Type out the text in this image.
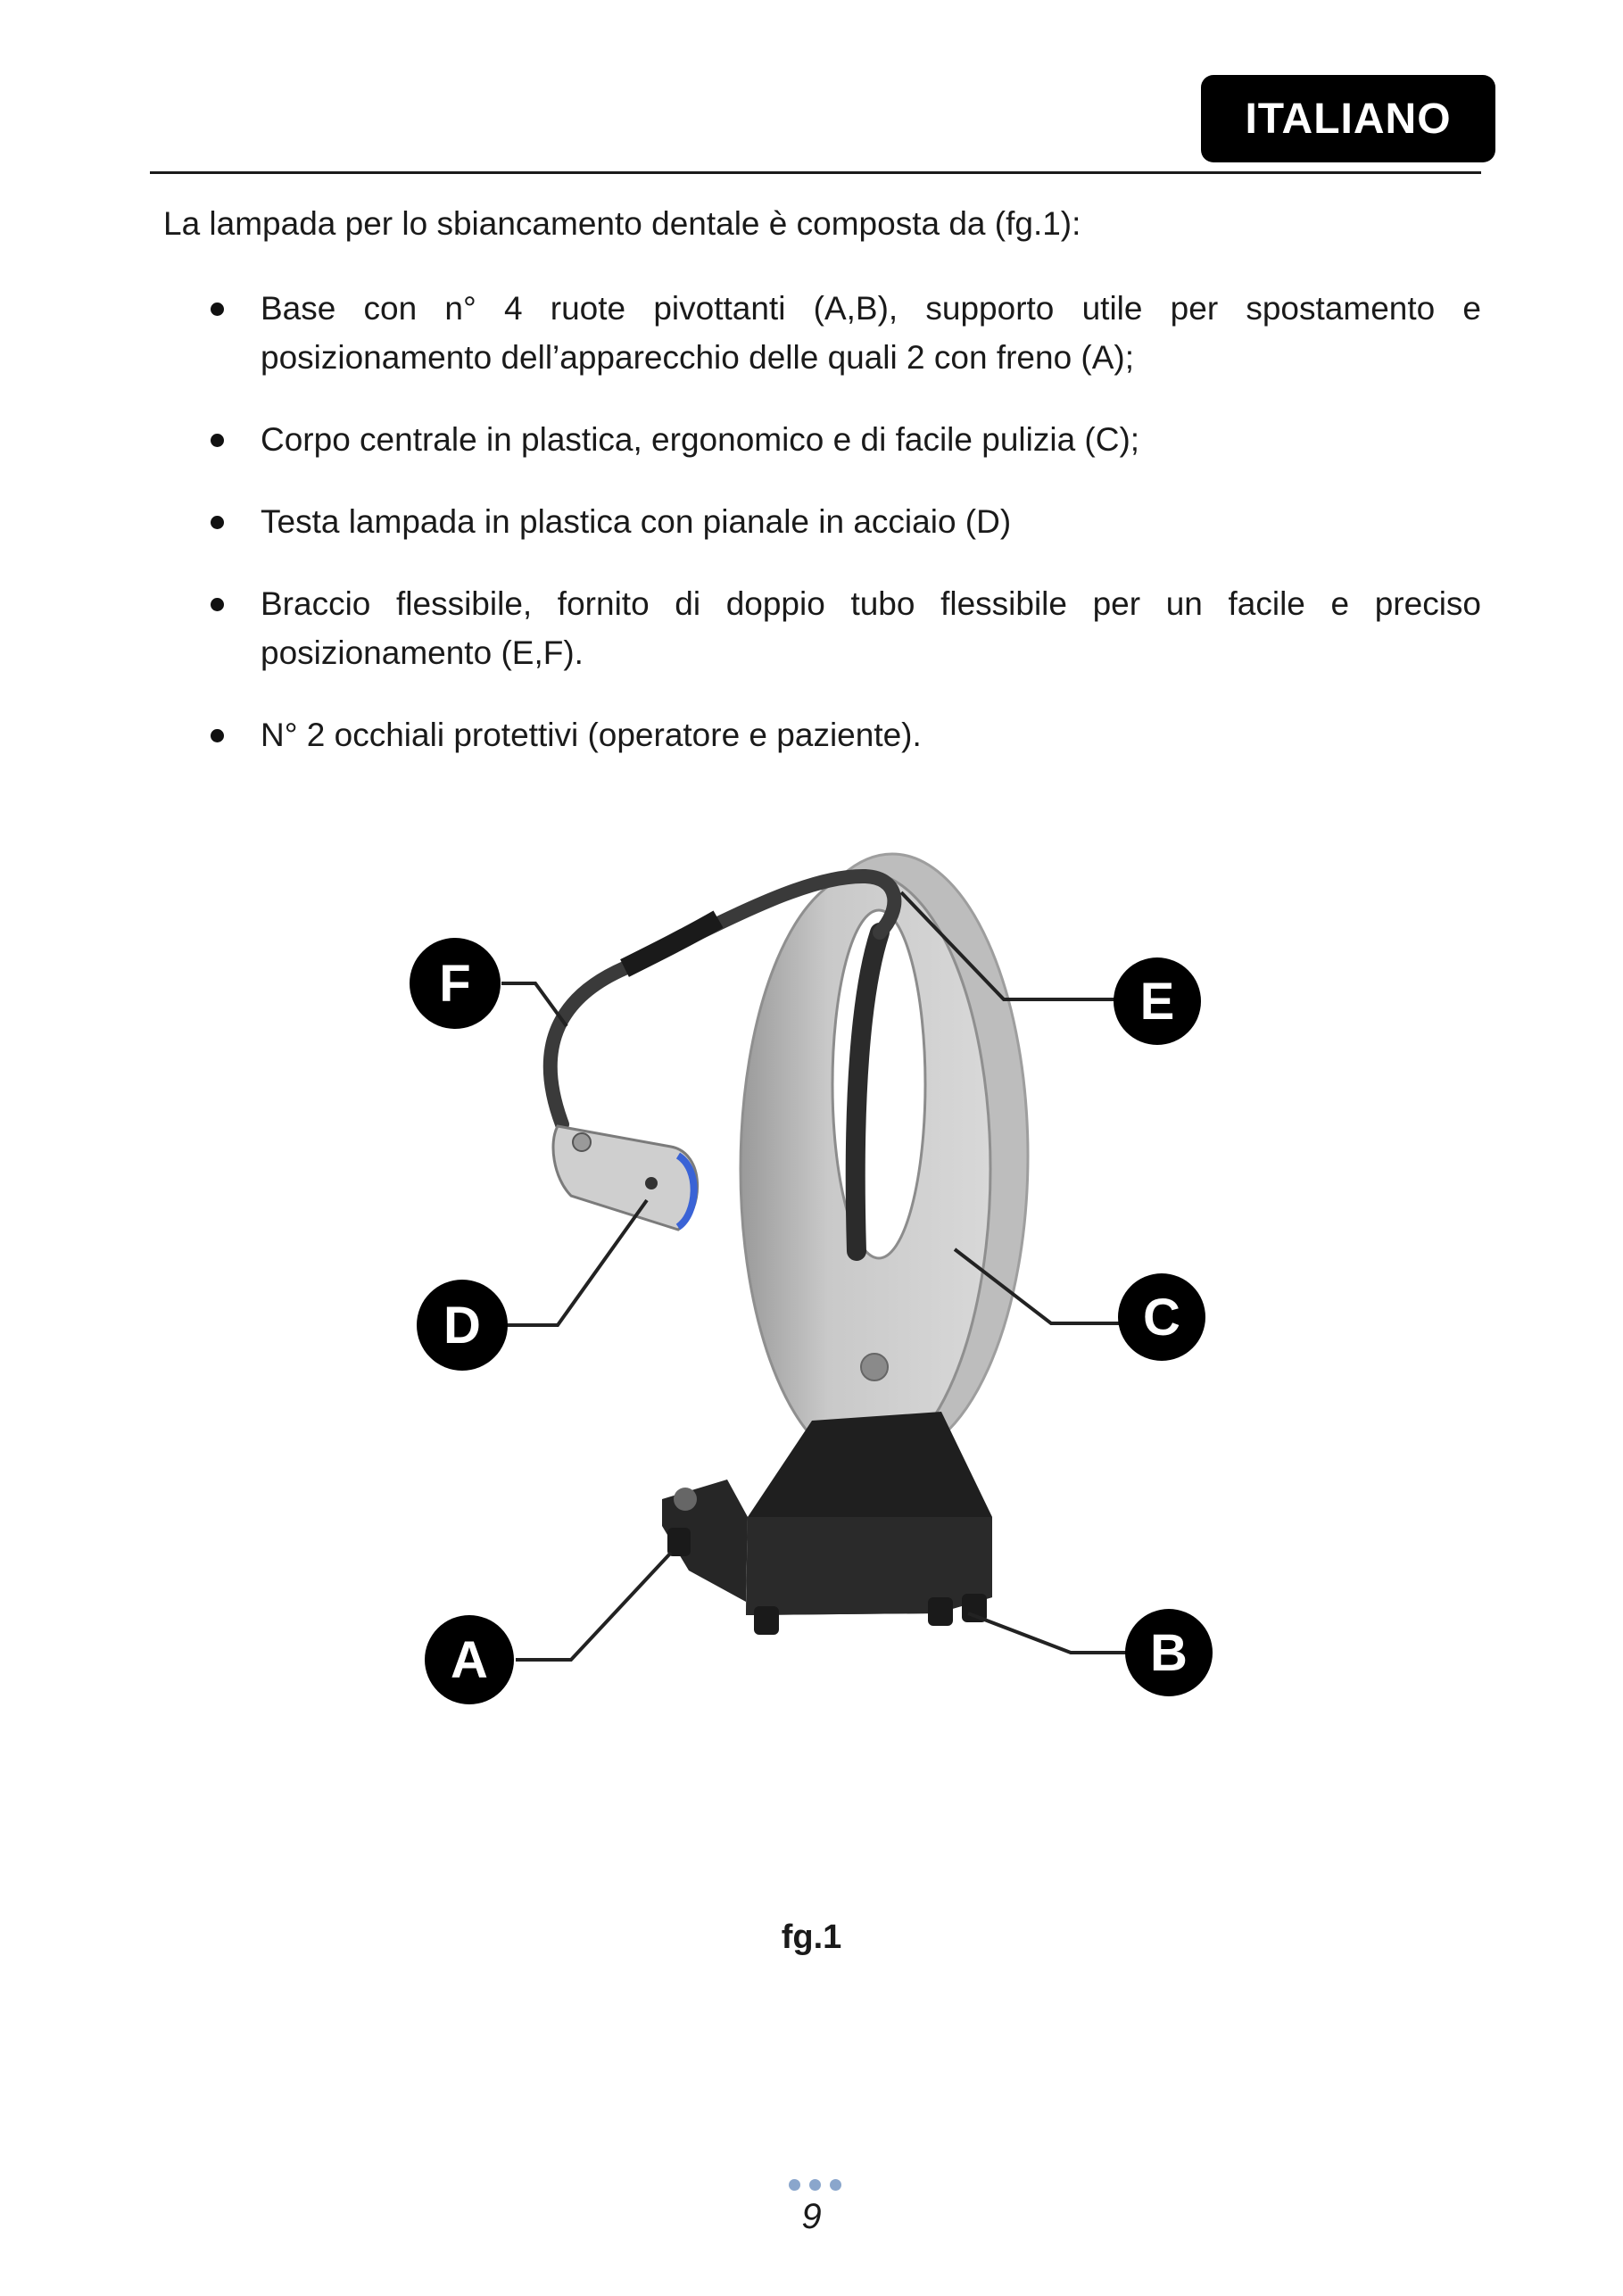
ITALIANO

La lampada per lo sbiancamento dentale è composta da (fg.1):

Base con n° 4 ruote pivottanti (A,B), supporto utile per spostamento e posizionamento dell’apparecchio delle quali 2 con freno (A);
Corpo centrale in plastica, ergonomico e di facile pulizia (C);
Testa lampada in plastica con pianale in acciaio (D)
Braccio flessibile, fornito di doppio tubo flessibile per un facile e preciso posizionamento (E,F).
N° 2 occhiali protettivi (operatore e paziente).
F	E
D	C
A	B
fg.1
9
